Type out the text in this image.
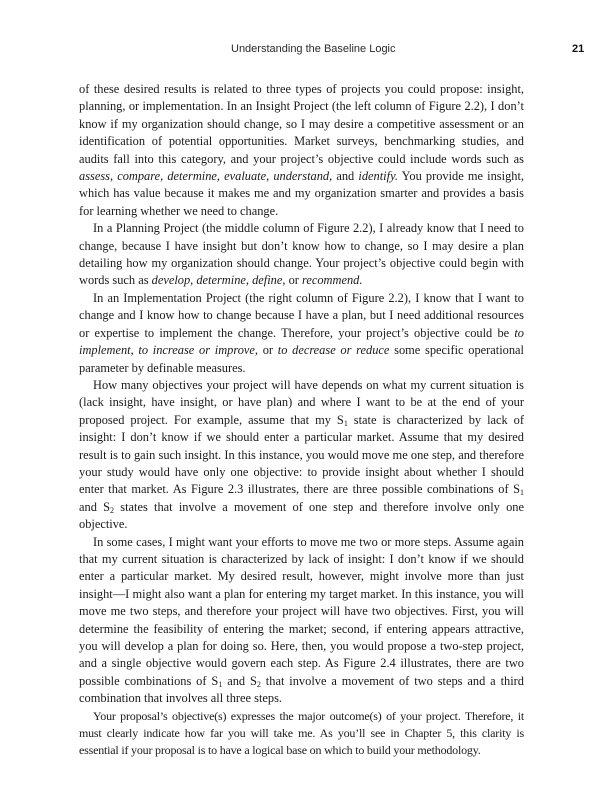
Understanding the Baseline Logic	21

of these desired results is related to three types of projects you could propose: insight, planning, or implementation. In an Insight Project (the left column of Figure 2.2), I don’t know if my organization should change, so I may desire a competitive assessment or an identification of potential opportunities. Market surveys, benchmarking studies, and audits fall into this category, and your project’s objective could include words such as assess, compare, determine, evaluate, understand, and identify. You provide me insight, which has value because it makes me and my organization smarter and provides a basis for learning whether we need to change.

In a Planning Project (the middle column of Figure 2.2), I already know that I need to change, because I have insight but don’t know how to change, so I may desire a plan detailing how my organization should change. Your project’s objective could begin with words such as develop, determine, define, or recommend.

In an Implementation Project (the right column of Figure 2.2), I know that I want to change and I know how to change because I have a plan, but I need additional resources or expertise to implement the change. Therefore, your project’s objective could be to implement, to increase or improve, or to decrease or reduce some specific operational parameter by definable measures.

How many objectives your project will have depends on what my current situation is (lack insight, have insight, or have plan) and where I want to be at the end of your proposed project. For example, assume that my $S_1$ state is characterized by lack of insight: I don’t know if we should enter a particular market. Assume that my desired result is to gain such insight. In this instance, you would move me one step, and therefore your study would have only one objective: to provide insight about whether I should enter that market. As Figure 2.3 illustrates, there are three possible combinations of $S_1$ and $S_2$ states that involve a movement of one step and therefore involve only one objective.

In some cases, I might want your efforts to move me two or more steps. Assume again that my current situation is characterized by lack of insight: I don’t know if we should enter a particular market. My desired result, however, might involve more than just insight—I might also want a plan for entering my target market. In this instance, you will move me two steps, and therefore your project will have two objectives. First, you will determine the feasibility of entering the market; second, if entering appears attractive, you will develop a plan for doing so. Here, then, you would propose a two-step project, and a single objective would govern each step. As Figure 2.4 illustrates, there are two possible combinations of $S_1$ and $S_2$ that involve a movement of two steps and a third combination that involves all three steps.

Your proposal’s objective(s) expresses the major outcome(s) of your project. Therefore, it must clearly indicate how far you will take me. As you’ll see in Chapter 5, this clarity is essential if your proposal is to have a logical base on which to build your methodology.
